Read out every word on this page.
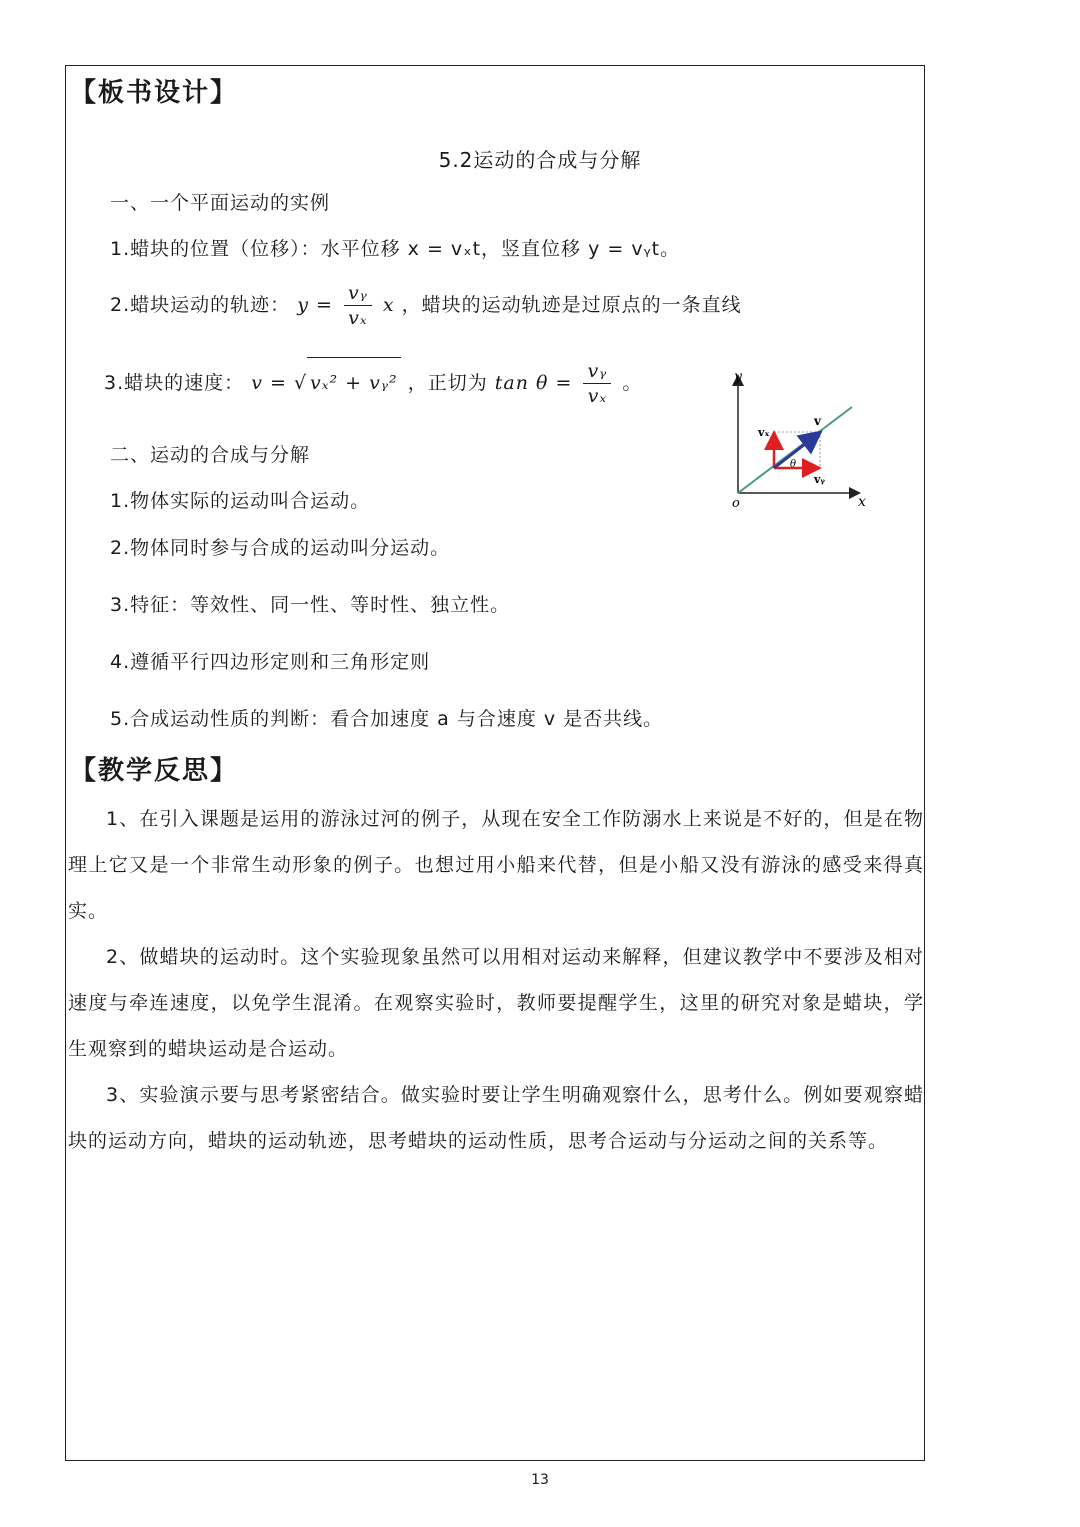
【板书设计】
5.2运动的合成与分解
一、一个平面运动的实例
1.蜡块的位置（位移）：水平位移 x = vₓt，竖直位移 y = vᵧt。
2.蜡块运动的轨迹： $y = \frac{\text{vᵧ}}{\text{vₓ}}$ x ，蜡块的运动轨迹是过原点的一条直线
3.蜡块的速度： v = √ vₓ² + vᵧ² ，正切为 $\tan \theta = \frac{\text{vᵧ}}{\text{vₓ}}$ 。	y
x
o
v
vₓ
vᵧ
θ
二、运动的合成与分解
1.物体实际的运动叫合运动。
2.物体同时参与合成的运动叫分运动。
3.特征：等效性、同一性、等时性、独立性。
4.遵循平行四边形定则和三角形定则
5.合成运动性质的判断：看合加速度 a 与合速度 v 是否共线。
【教学反思】
1、在引入课题是运用的游泳过河的例子，从现在安全工作防溺水上来说是不好的，但是在物理上它又是一个非常生动形象的例子。也想过用小船来代替，但是小船又没有游泳的感受来得真实。
2、做蜡块的运动时。这个实验现象虽然可以用相对运动来解释，但建议教学中不要涉及相对速度与牵连速度，以免学生混淆。在观察实验时，教师要提醒学生，这里的研究对象是蜡块，学生观察到的蜡块运动是合运动。
3、实验演示要与思考紧密结合。做实验时要让学生明确观察什么，思考什么。例如要观察蜡块的运动方向，蜡块的运动轨迹，思考蜡块的运动性质，思考合运动与分运动之间的关系等。
13
